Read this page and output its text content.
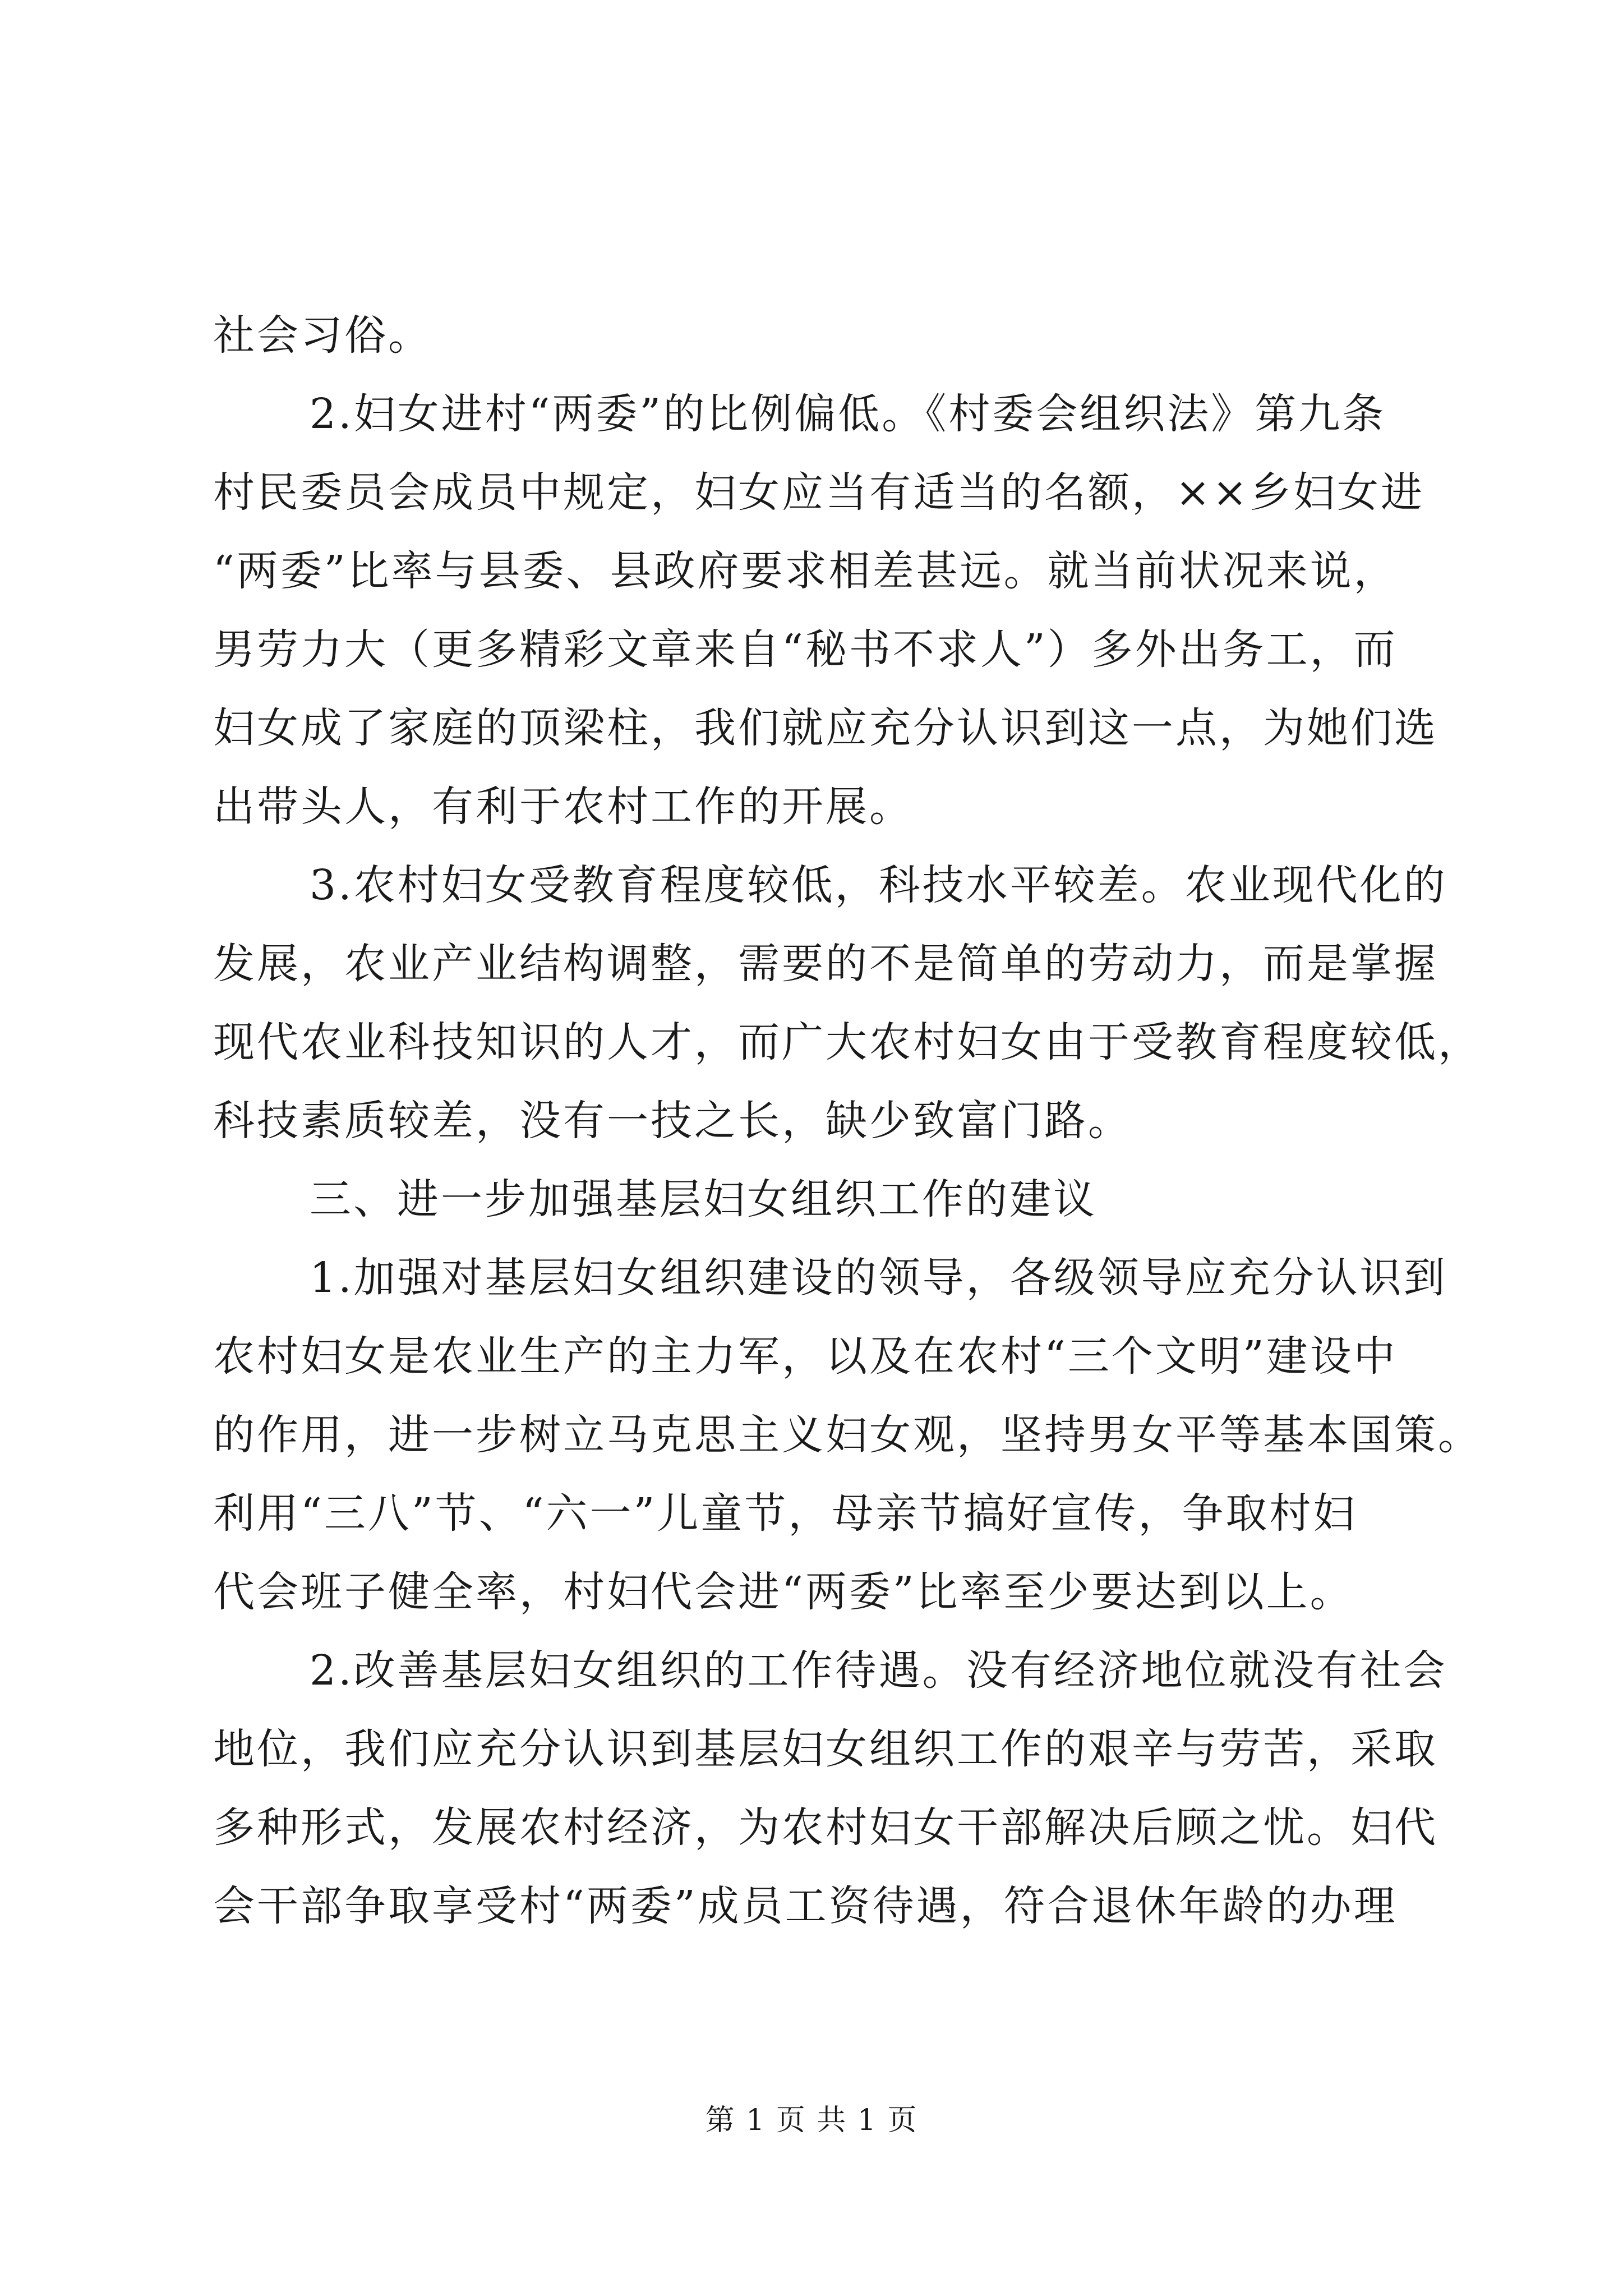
社会习俗。
2.妇女进村“两委”的比例偏低。《村委会组织法》第九条
村民委员会成员中规定，妇女应当有适当的名额，××乡妇女进
“两委”比率与县委、县政府要求相差甚远。就当前状况来说，
男劳力大（更多精彩文章来自“秘书不求人”）多外出务工，而
妇女成了家庭的顶梁柱，我们就应充分认识到这一点，为她们选
出带头人，有利于农村工作的开展。
3.农村妇女受教育程度较低，科技水平较差。农业现代化的
发展，农业产业结构调整，需要的不是简单的劳动力，而是掌握
现代农业科技知识的人才，而广大农村妇女由于受教育程度较低，
科技素质较差，没有一技之长，缺少致富门路。
三、进一步加强基层妇女组织工作的建议
1.加强对基层妇女组织建设的领导，各级领导应充分认识到
农村妇女是农业生产的主力军，以及在农村“三个文明”建设中
的作用，进一步树立马克思主义妇女观，坚持男女平等基本国策。
利用“三八”节、“六一”儿童节，母亲节搞好宣传，争取村妇
代会班子健全率，村妇代会进“两委”比率至少要达到以上。
2.改善基层妇女组织的工作待遇。没有经济地位就没有社会
地位，我们应充分认识到基层妇女组织工作的艰辛与劳苦，采取
多种形式，发展农村经济，为农村妇女干部解决后顾之忧。妇代
会干部争取享受村“两委”成员工资待遇，符合退休年龄的办理
第 1 页 共 1 页
